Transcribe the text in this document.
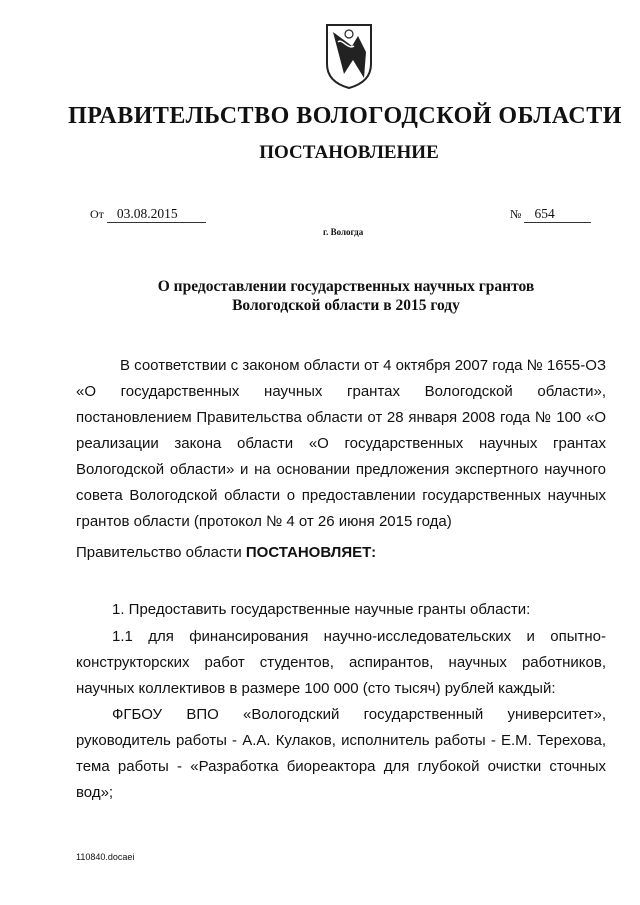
ПРАВИТЕЛЬСТВО ВОЛОГОДСКОЙ ОБЛАСТИ
ПОСТАНОВЛЕНИЕ
От 03.08.2015	№ 654
г. Вологда
О предоставлении государственных научных грантов
Вологодской области в 2015 году
В соответствии с законом области от 4 октября 2007 года № 1655-ОЗ «О государственных научных грантах Вологодской области», постановлением Правительства области от 28 января 2008 года № 100 «О реализации закона области «О государственных научных грантах Вологодской области» и на основании предложения экспертного научного совета Вологодской области о предоставлении государственных научных грантов области (протокол № 4 от 26 июня 2015 года)
Правительство области ПОСТАНОВЛЯЕТ:
1. Предоставить государственные научные гранты области:
1.1 для финансирования научно-исследовательских и опытно-конструкторских работ студентов, аспирантов, научных работников, научных коллективов в размере 100 000 (сто тысяч) рублей каждый:
ФГБОУ ВПО «Вологодский государственный университет», руководитель работы - А.А. Кулаков, исполнитель работы - Е.М. Терехова, тема работы - «Разработка биореактора для глубокой очистки сточных вод»;
110840.docaei
